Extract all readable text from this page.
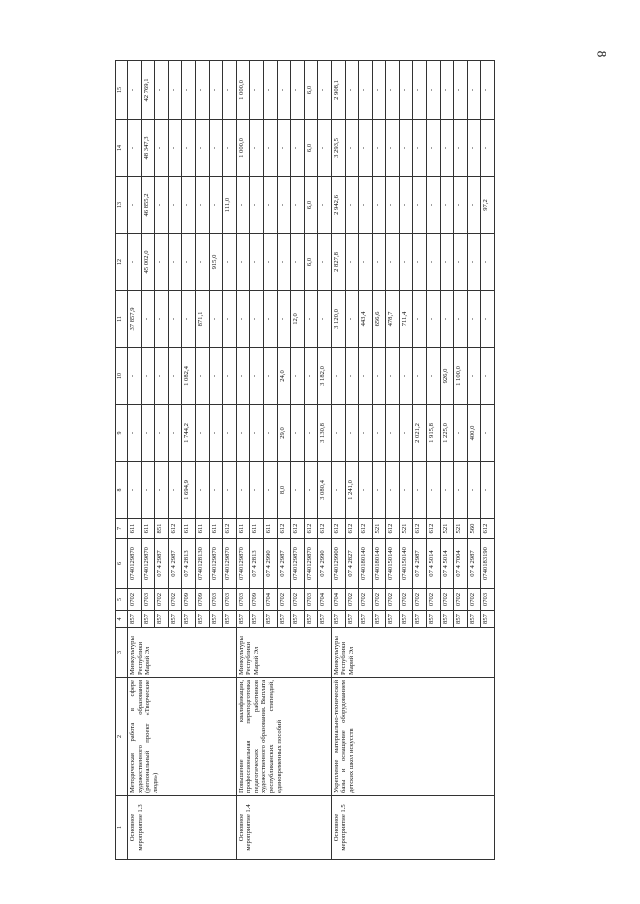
8
1	2	3	4	5	6	7	8	9	10	11	12	13	14	15
Основное мероприятие 1.3	Методическая работа в сфере художественного образования (региональный проект «Творческие люди»)	Минкультуры Республики Марий Эл	857	0702	0740129870	611	-	-	-	37 857,9	-	-	-	-
			857	0703	0740129870	611	-	-	-	-	45 002,0	46 855,2	48 347,3	42 769,1
			857	0702	07 4 2987	851	-	-	-	-	-	-	-	-
			857	0702	07 4 2987	612	-	-	-	-	-	-	-	-
			857	0709	07 4 2813	611	1 694,9	1 744,2	1 082,4	-	-	-	-	-
			857	0709	0740128130	611	-	-	-	871,1	-	-	-	-
			857	0703	0740129870	611	-	-	-	-	915,0	-	-	-
			857	0703	0740129870	612	-	-	-	-	-	111,0	-	-
Основное мероприятие 1.4	Повышение квалификации, профессиональная переподготовка педагогических работников художественного образования. Выплата республиканских стипендий, единовременных пособий	Минкультуры Республики Марий Эл	857	0703	0740129870	611	-	-	-	-	-	-	1 000,0	1 000,0
			857	0709	07 4 2813	611	-	-	-	-	-	-	-	-
			857	0704	07 4 2990	611	-	-	-	-	-	-	-	-
			857	0702	07 4 2987	612	8,0	29,0	24,0	-	-	-	-	-
			857	0702	0740129870	612	-	-	-	12,0	-	-	-	-
			857	0703	0740129870	612	-	-	-	-	6,0	6,0	6,0	6,0
			857	0704	07 4 2990	612	3 080,4	3 130,8	3 182,0	-	-	-	-	-
Основное мероприятие 1.5	Укрепление материально-технической базы и оснащение оборудованием детских школ искусств	Минкультуры Республики Марий Эл	857	0704	0740129900	612	-	-	-	3 120,0	2 827,8	2 942,6	3 293,5	2 908,1
			857	0702	07 4 2827	612	1 241,0	-	-	-	-	-	-	-
			857	0702	0740180140	612	-	-	-	443,4	-	-	-	-
			857	0702	0740180140	521	-	-	-	656,6	-	-	-	-
			857	0702	0740150140	612	-	-	-	478,7	-	-	-	-
			857	0702	0740150140	521	-	-	-	711,4	-	-	-	-
			857	0702	07 4 2987	612	-	2 021,2	-	-	-	-	-	-
			857	0702	07 4 5014	612	-	1 915,8	-	-	-	-	-	-
			857	0702	07 4 5014	521	-	1 225,0	926,0	-	-	-	-	-
			857	0702	07 4 7004	521	-	-	1 100,0	-	-	-	-	-
			857	0702	07 4 2987	560	-	400,0	-	-	-	-	-	-
			857	0703	0740183190	612	-	-	-	-	-	97,2	-	-
